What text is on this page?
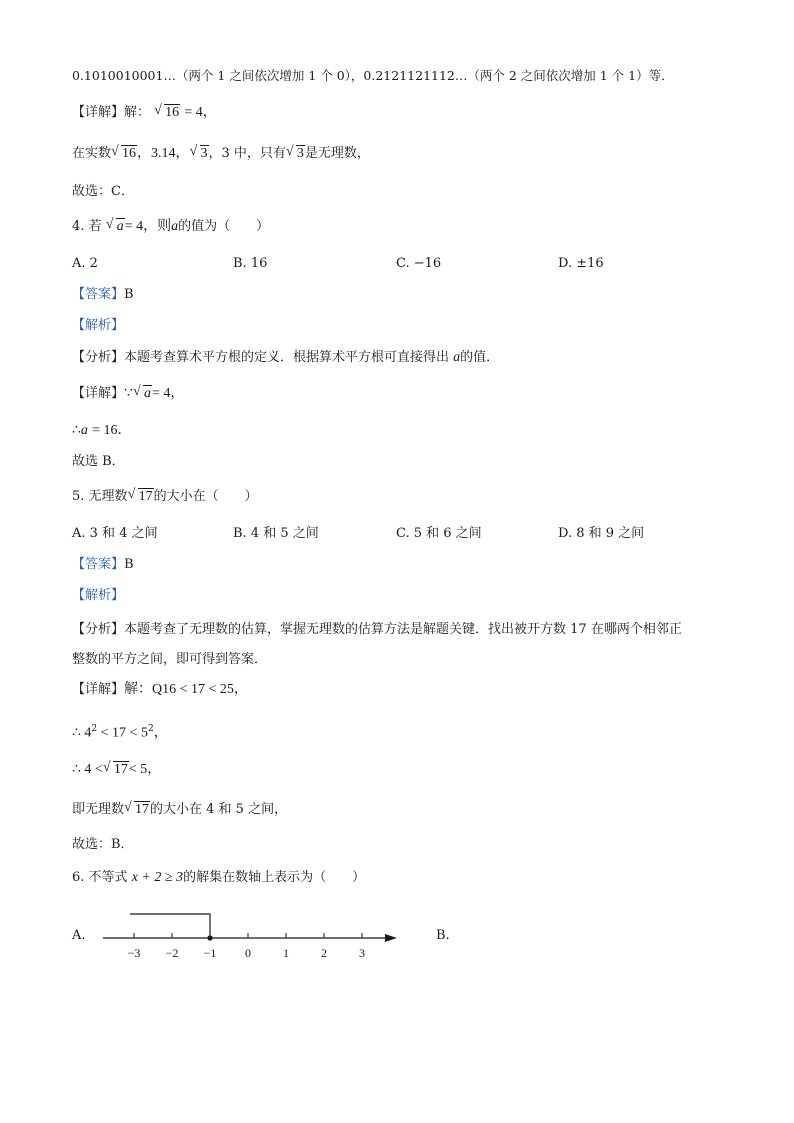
0.1010010001…（两个 1 之间依次增加 1 个 0），0.2121121112…（两个 2 之间依次增加 1 个 1）等．
【详解】解： √ 16 = 4，
在实数 √ 16，3.14， √ 3，3 中，只有 √ 3是无理数，
故选：C．
4. 若 √ a= 4，则a的值为（　　）
A. 2	B. 16	C. −16	D. ±16
【答案】B
【解析】
【分析】本题考查算术平方根的定义．根据算术平方根可直接得出 a的值．
【详解】∵ √ a= 4，
∴a = 16．
故选 B．
5. 无理数 √ 17的大小在（　　）
A. 3 和 4 之间	B. 4 和 5 之间	C. 5 和 6 之间	D. 8 和 9 之间
【答案】B
【解析】
【分析】本题考查了无理数的估算，掌握无理数的估算方法是解题关键．找出被开方数 17 在哪两个相邻正
整数的平方之间，即可得到答案．
【详解】解：Q16 < 17 < 25，
∴ $4^2 < 17 < 5^2$，
∴ 4 < √ 17< 5，
即无理数 √ 17的大小在 4 和 5 之间，
故选：B．
6. 不等式 x + 2 ≥ 3的解集在数轴上表示为（　　）
A.	B.
−3 −2 −1 0	1	2	3
